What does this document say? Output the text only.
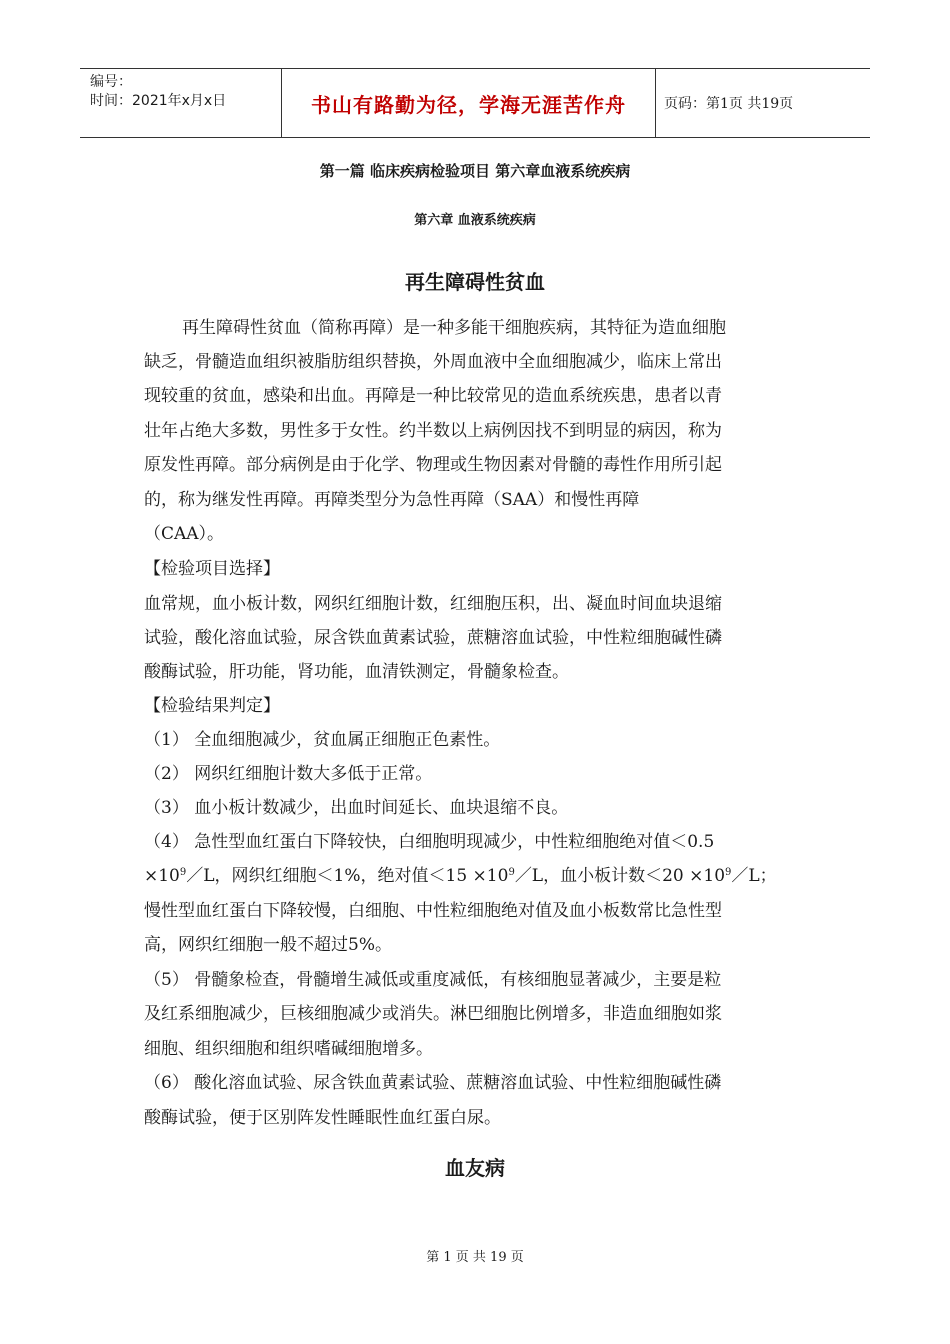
编号：
时间：2021年x月x日	书山有路勤为径，学海无涯苦作舟	页码：第1页 共19页
第一篇 临床疾病检验项目 第六章血液系统疾病
第六章 血液系统疾病
再生障碍性贫血
再生障碍性贫血（简称再障）是一种多能干细胞疾病，其特征为造血细胞
缺乏，骨髓造血组织被脂肪组织替换，外周血液中全血细胞减少，临床上常出
现较重的贫血，感染和出血。再障是一种比较常见的造血系统疾患，患者以青
壮年占绝大多数，男性多于女性。约半数以上病例因找不到明显的病因，称为
原发性再障。部分病例是由于化学、物理或生物因素对骨髓的毒性作用所引起
的，称为继发性再障。再障类型分为急性再障（SAA）和慢性再障
（CAA）。
【检验项目选择】
血常规，血小板计数，网织红细胞计数，红细胞压积，出、凝血时间血块退缩
试验，酸化溶血试验，尿含铁血黄素试验，蔗糖溶血试验，中性粒细胞碱性磷
酸酶试验，肝功能，肾功能，血清铁测定，骨髓象检查。
【检验结果判定】
（1） 全血细胞减少，贫血属正细胞正色素性。
（2） 网织红细胞计数大多低于正常。
（3） 血小板计数减少，出血时间延长、血块退缩不良。
（4） 急性型血红蛋白下降较快，白细胞明现减少，中性粒细胞绝对值＜0.5
$\times 10^9/L$，网织红细胞＜1%，绝对值$<15 \times 10^9/L$，血小板计数$<20 \times 10^9/L$；
慢性型血红蛋白下降较慢，白细胞、中性粒细胞绝对值及血小板数常比急性型
高，网织红细胞一般不超过5%。
（5） 骨髓象检查，骨髓增生减低或重度减低，有核细胞显著减少，主要是粒
及红系细胞减少，巨核细胞减少或消失。淋巴细胞比例增多，非造血细胞如浆
细胞、组织细胞和组织嗜碱细胞增多。
（6） 酸化溶血试验、尿含铁血黄素试验、蔗糖溶血试验、中性粒细胞碱性磷
酸酶试验，便于区别阵发性睡眠性血红蛋白尿。
血友病
第 1 页 共 19 页
